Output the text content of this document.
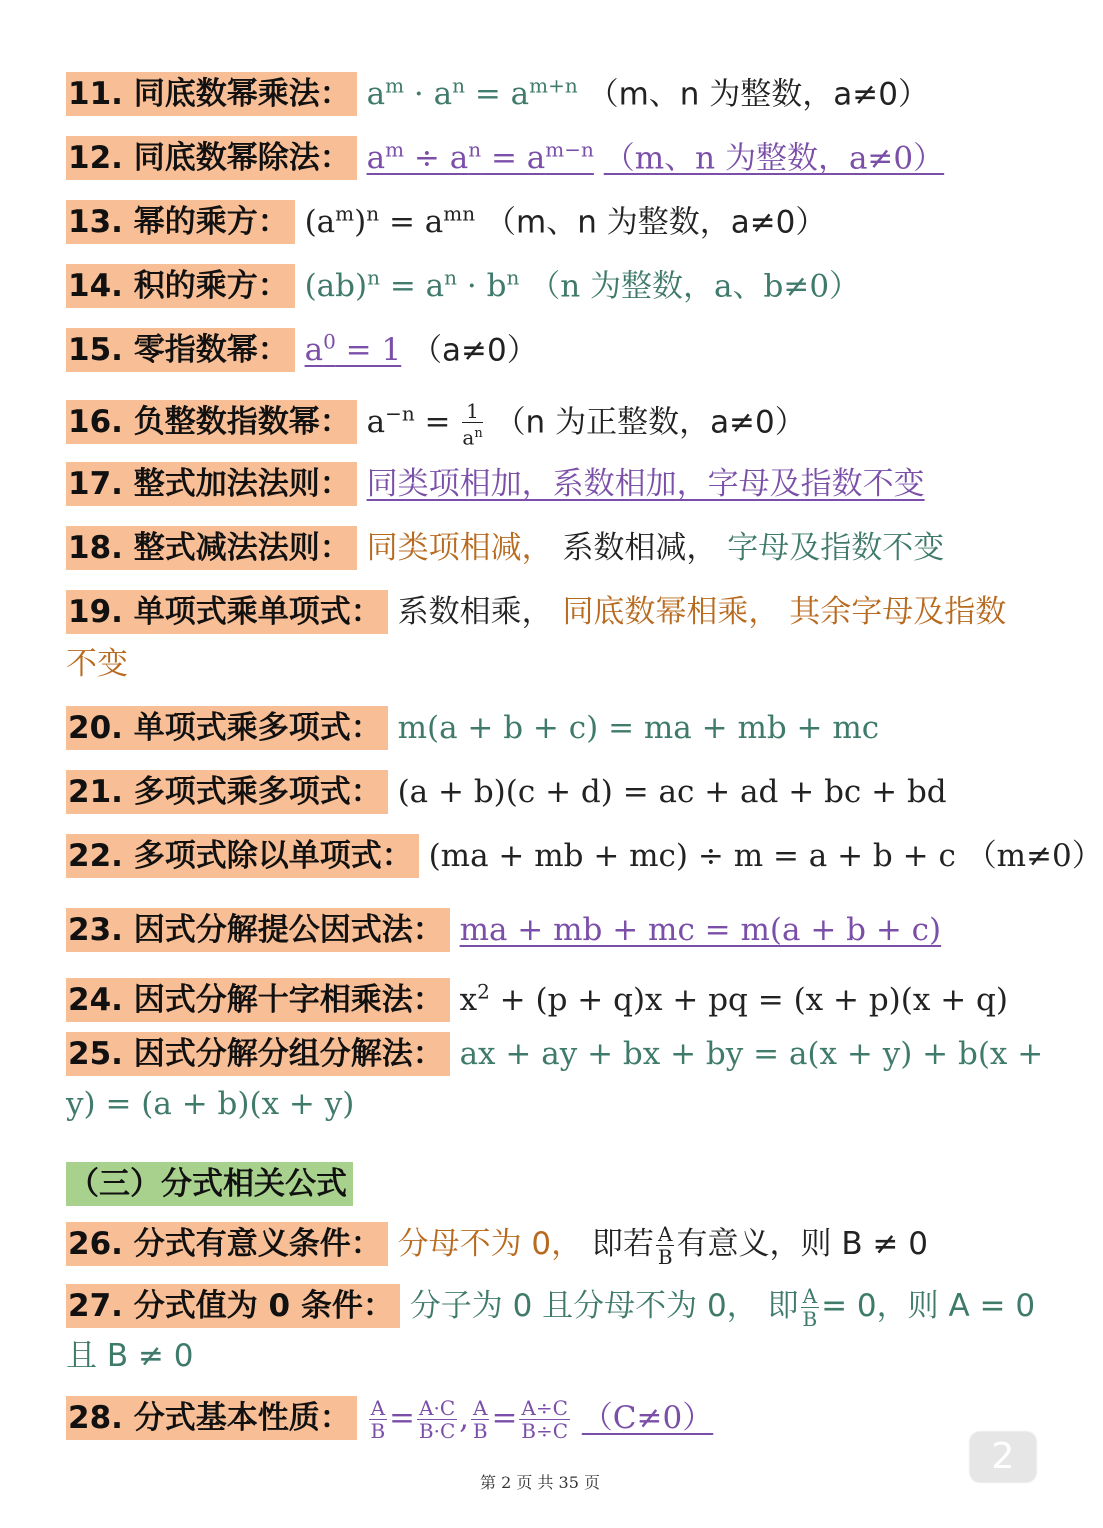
11. 同底数幂乘法： $a^m \cdot a^n = a^{m+n}$ （m、n 为整数，a≠0）
12. 同底数幂除法： $a^m \div a^n = a^{m-n}$ （m、n 为整数，a≠0）
13. 幂的乘方： $(a^m)^n = a^{mn}$ （m、n 为整数，a≠0）
14. 积的乘方： $(ab)^n = a^n \cdot b^n$ （n 为整数，a、b≠0）
15. 零指数幂： $a^0 = 1$ （a≠0）
16. 负整数指数幂： $a^{-n} = \frac{1}{a^n} (n$ 为正整数，a≠0）
17. 整式加法法则： 同类项相加，系数相加，字母及指数不变
18. 整式减法法则： 同类项相减， 系数相减， 字母及指数不变
19. 单项式乘单项式： 系数相乘， 同底数幂相乘， 其余字母及指数
不变
20. 单项式乘多项式： m(a + b + c) = ma + mb + mc
21. 多项式乘多项式： (a + b)(c + d) = ac + ad + bc + bd
22. 多项式除以单项式： (ma + mb + mc) ÷ m = a + b + c （m≠0）
23. 因式分解提公因式法： ma + mb + mc = m(a + b + c)
24. 因式分解十字相乘法： $x^2 + (p + q)x$ + pq = (x + p)(x + q)
25. 因式分解分组分解法： ax + ay + bx + by = a(x + y) + b(x +
y) = (a + b)(x + y)
（三）分式相关公式
26. 分式有意义条件： 分母不为 0， 即若 $\frac{A}{B}$ 有意义，则 B ≠ 0
27. 分式值为 0 条件： 分子为 0 且分母不为 0， 即 $\frac{A}{B} = 0$，则 A = 0
且 B ≠ 0
28. 分式基本性质： $\frac{A}{B} = \frac{A\cdot C}{B\cdot C}$ , $\frac{A}{B} = \frac{A\div C}{B\div C} (C\ne 0)$
第 2 页 共 35 页
2
